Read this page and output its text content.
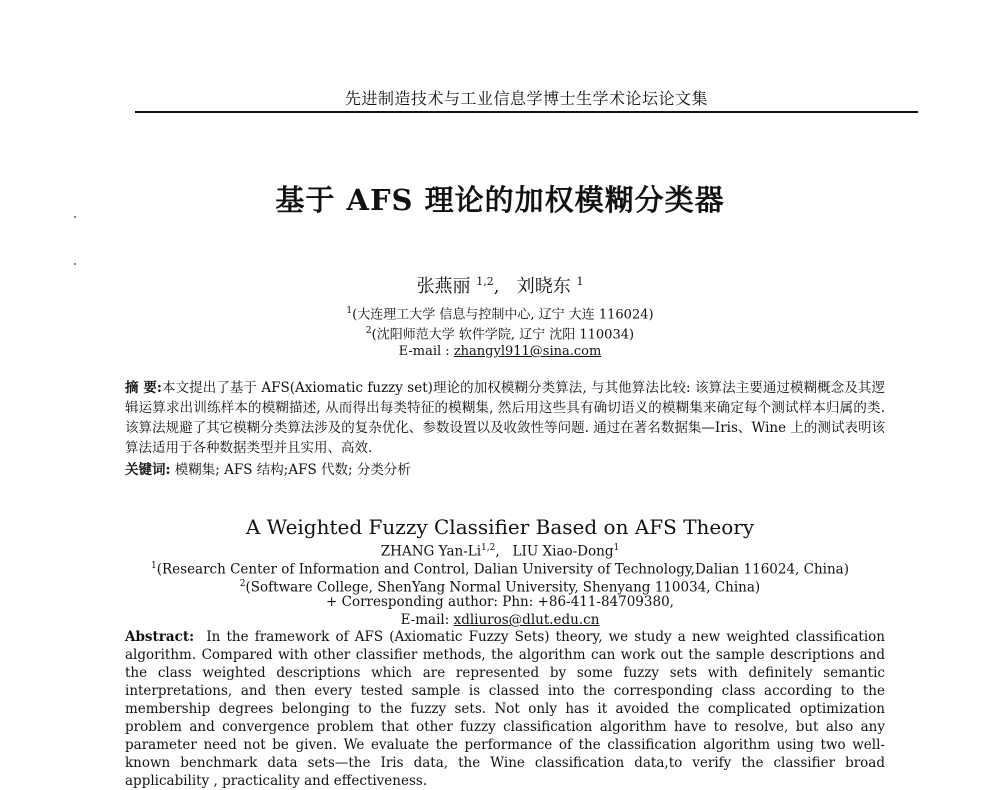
先进制造技术与工业信息学博士生学术论坛论文集
基于 AFS 理论的加权模糊分类器
张燕丽 $^{1,2}$, 刘晓东 $^1$
$^1$(大连理工大学 信息与控制中心, 辽宁 大连 116024)
$^2$(沈阳师范大学 软件学院, 辽宁 沈阳 110034)
E-mail : zhangyl911@sina.com
摘 要:本文提出了基于 AFS(Axiomatic fuzzy set)理论的加权模糊分类算法, 与其他算法比较: 该算法主要通过模糊概念及其逻辑运算求出训练样本的模糊描述, 从而得出每类特征的模糊集, 然后用这些具有确切语义的模糊集来确定每个测试样本归属的类. 该算法规避了其它模糊分类算法涉及的复杂优化、参数设置以及收敛性等问题. 通过在著名数据集—Iris、Wine 上的测试表明该算法适用于各种数据类型并且实用、高效.
关键词: 模糊集; AFS 结构;AFS 代数; 分类分析
A Weighted Fuzzy Classifier Based on AFS Theory
ZHANG Yan-Li$^{1,2}$, LIU Xiao-Dong$^1$
$^1$(Research Center of Information and Control, Dalian University of Technology,Dalian 116024, China)
$^2$(Software College, ShenYang Normal University, Shenyang 110034, China)
+ Corresponding author: Phn: +86-411-84709380,
E-mail: xdliuros@dlut.edu.cn
Abstract: In the framework of AFS (Axiomatic Fuzzy Sets) theory, we study a new weighted classification algorithm. Compared with other classifier methods, the algorithm can work out the sample descriptions and the class weighted descriptions which are represented by some fuzzy sets with definitely semantic interpretations, and then every tested sample is classed into the corresponding class according to the membership degrees belonging to the fuzzy sets. Not only has it avoided the complicated optimization problem and convergence problem that other fuzzy classification algorithm have to resolve, but also any parameter need not be given. We evaluate the performance of the classification algorithm using two well-known benchmark data sets—the Iris data, the Wine classification data,to verify the classifier broad applicability , practicality and effectiveness.
